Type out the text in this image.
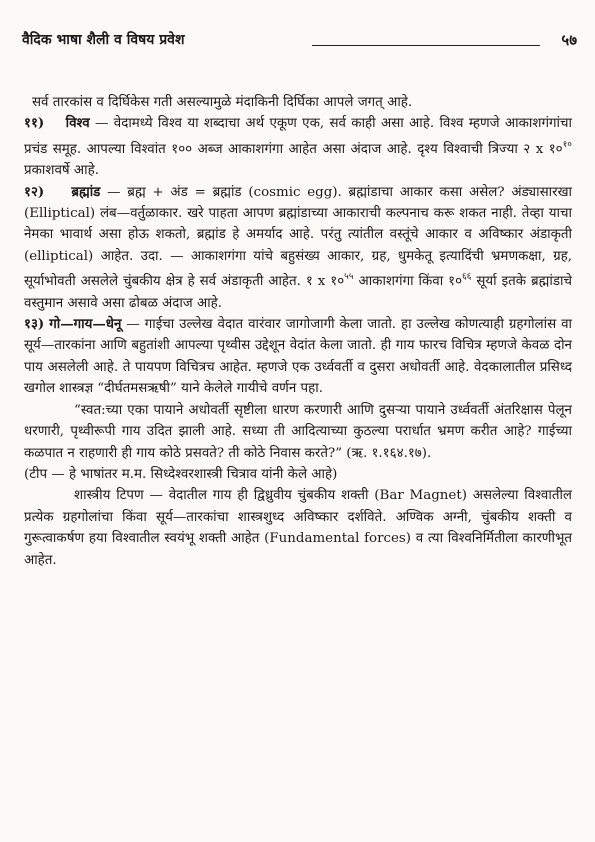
वैदिक भाषा शैली व विषय प्रवेश	५७

सर्व तारकांस व दिर्घिकेस गती असल्यामुळे मंदाकिनी दिर्घिका आपले जगत् आहे.

११) विश्व — वेदामध्ये विश्व या शब्दाचा अर्थ एकूण एक, सर्व काही असा आहे. विश्व म्हणजे आकाशगंगांचा प्रचंड समूह. आपल्या विश्वांत १०० अब्ज आकाशगंगा आहेत असा अंदाज आहे. दृश्य विश्वाची त्रिज्या २ x $१०^{१०}$ प्रकाशवर्षे आहे.

१२) ब्रह्मांड — ब्रह्म + अंड = ब्रह्मांड (cosmic egg). ब्रह्मांडाचा आकार कसा असेल? अंड्यासारखा (Elliptical) लंब—वर्तुळाकार. खरे पाहता आपण ब्रह्मांडाच्या आकाराची कल्पनाच करू शकत नाही. तेव्हा याचा नेमका भावार्थ असा होऊ शकतो, ब्रह्मांड हे अमर्याद आहे. परंतु त्यांतील वस्तूंचे आकार व अविष्कार अंडाकृती (elliptical) आहेत. उदा. — आकाशगंगा यांचे बहुसंख्य आकार, ग्रह, धुमकेतू इत्यादिंची भ्रमणकक्षा, ग्रह, सूर्याभोवती असलेले चुंबकीय क्षेत्र हे सर्व अंडाकृती आहेत. १ x $१०^{५५}$ आकाशगंगा किंवा $१०^{६६}$ सूर्या इतके ब्रह्मांडाचे वस्तुमान असावे असा ढोबळ अंदाज आहे.

१३) गो—गाय—धेनू — गाईचा उल्लेख वेदात वारंवार जागोजागी केला जातो. हा उल्लेख कोणत्याही ग्रहगोलांस वा सूर्य—तारकांना आणि बहुतांशी आपल्या पृथ्वीस उद्देशून वेदांत केला जातो. ही गाय फारच विचित्र म्हणजे केवळ दोन पाय असलेली आहे. ते पायपण विचित्रच आहेत. म्हणजे एक उर्ध्ववर्ती व दुसरा अधोवर्ती आहे. वेदकालातील प्रसिध्द खगोल शास्त्रज्ञ “दीर्घतमसऋषी” याने केलेले गायीचे वर्णन पहा.

“स्वत:च्या एका पायाने अधोवर्ती सृष्टीला धारण करणारी आणि दुसऱ्या पायाने उर्ध्ववर्ती अंतरिक्षास पेलून धरणारी, पृथ्वीरूपी गाय उदित झाली आहे. सध्या ती आदित्याच्या कुठल्या परार्धात भ्रमण करीत आहे? गाईच्या कळपात न राहणारी ही गाय कोठे प्रसवते? ती कोठे निवास करते?” (ऋ. १.१६४.१७).

(टीप — हे भाषांतर म.म. सिध्देश्वरशास्त्री चित्राव यांनी केले आहे)

शास्त्रीय टिपण — वेदातील गाय ही द्विध्रुवीय चुंबकीय शक्ती (Bar Magnet) असलेल्या विश्वातील प्रत्येक ग्रहगोलांचा किंवा सूर्य—तारकांचा शास्त्रशुध्द अविष्कार दर्शविते. अण्विक अग्नी, चुंबकीय शक्ती व गुरूत्वाकर्षण हया विश्वातील स्वयंभू शक्ती आहेत (Fundamental forces) व त्या विश्वनिर्मितीला कारणीभूत आहेत.
